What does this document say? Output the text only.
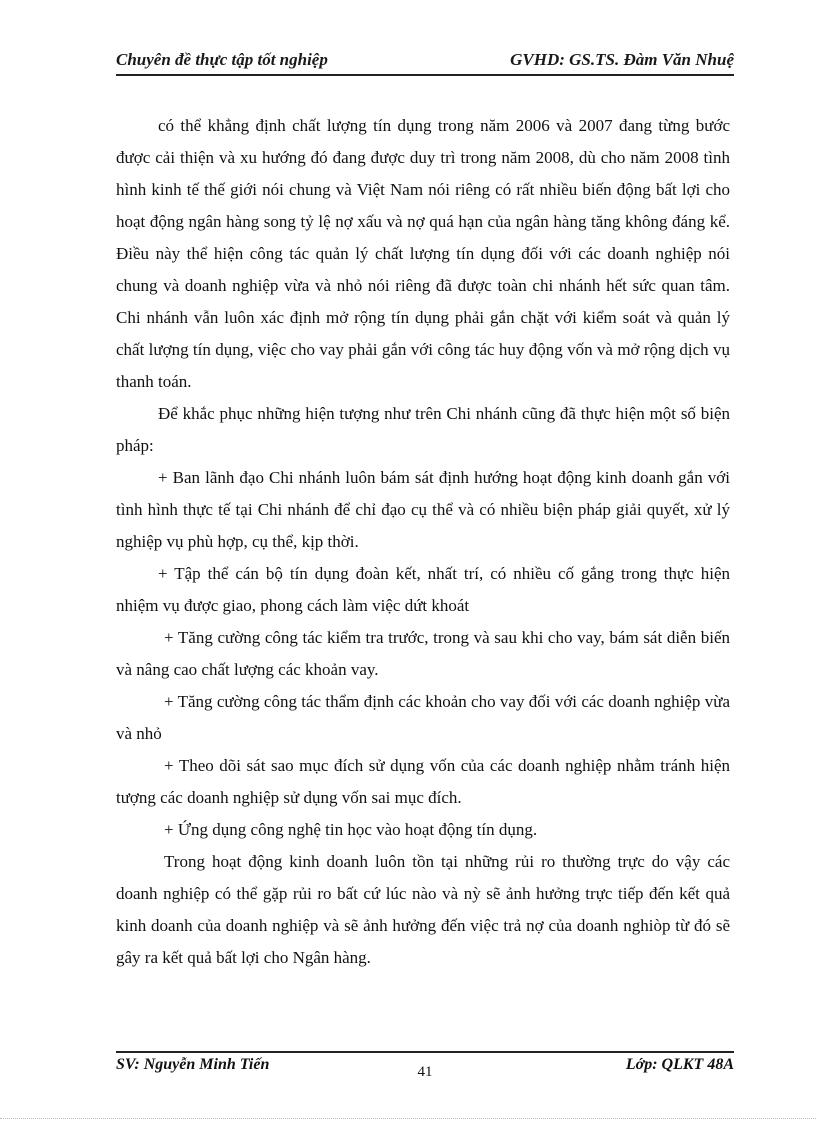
Chuyên đề thực tập tốt nghiệp	GVHD: GS.TS. Đàm Văn Nhuệ

có thể khẳng định chất lượng tín dụng trong năm 2006 và 2007 đang từng bước được cải thiện và xu hướng đó đang được duy trì trong năm 2008, dù cho năm 2008 tình hình kinh tế thế giới nói chung và Việt Nam nói riêng có rất nhiều biến động bất lợi cho hoạt động ngân hàng song tỷ lệ nợ xấu và nợ quá hạn của ngân hàng tăng không đáng kể. Điều này thể hiện công tác quản lý chất lượng tín dụng đối với các doanh nghiệp nói chung và doanh nghiệp vừa và nhỏ nói riêng đã được toàn chi nhánh hết sức quan tâm. Chi nhánh vẫn luôn xác định mở rộng tín dụng phải gắn chặt với kiểm soát và quản lý chất lượng tín dụng, việc cho vay phải gắn với công tác huy động vốn và mở rộng dịch vụ thanh toán.

Để khắc phục những hiện tượng như trên Chi nhánh cũng đã thực hiện một số biện pháp:

+ Ban lãnh đạo Chi nhánh luôn bám sát định hướng hoạt động kinh doanh gắn với tình hình thực tế tại Chi nhánh để chỉ đạo cụ thể và có nhiều biện pháp giải quyết, xử lý nghiệp vụ phù hợp, cụ thể, kịp thời.

+ Tập thể cán bộ tín dụng đoàn kết, nhất trí, có nhiều cố gắng trong thực hiện nhiệm vụ được giao, phong cách làm việc dứt khoát

+ Tăng cường công tác kiểm tra trước, trong và sau khi cho vay, bám sát diễn biến và nâng cao chất lượng các khoản vay.

+ Tăng cường công tác thẩm định các khoản cho vay đối với các doanh nghiệp vừa và nhỏ

+ Theo dõi sát sao mục đích sử dụng vốn của các doanh nghiệp nhằm tránh hiện tượng các doanh nghiệp sử dụng vốn sai mục đích.

+ Ứng dụng công nghệ tin học vào hoạt động tín dụng.

Trong hoạt động kinh doanh luôn tồn tại những rủi ro thường trực do vậy các doanh nghiệp có thể gặp rủi ro bất cứ lúc nào và nỳ sẽ ảnh hưởng trực tiếp đến kết quả kinh doanh của doanh nghiệp và sẽ ảnh hưởng đến việc trả nợ của doanh nghiòp từ đó sẽ gây ra kết quả bất lợi cho Ngân hàng.

SV: Nguyễn Minh Tiến	41	Lớp: QLKT 48A
